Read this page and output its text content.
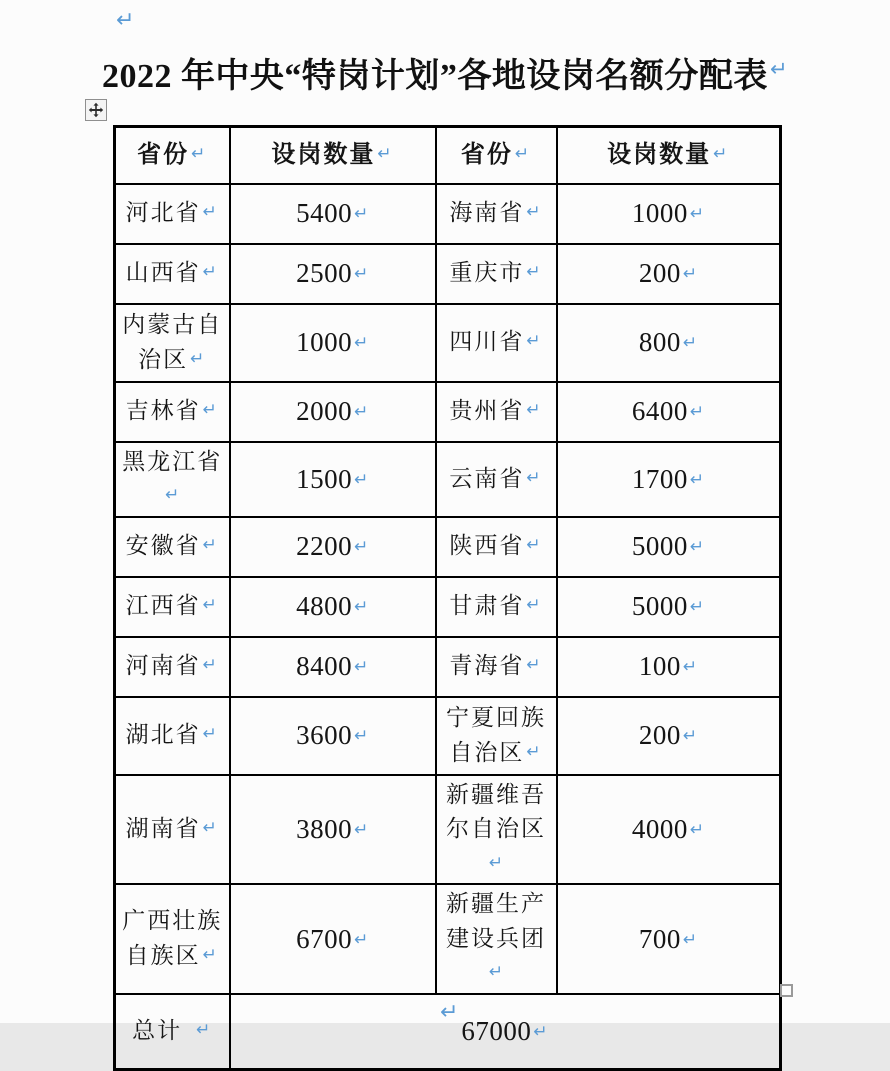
↵
2022 年中央“特岗计划”各地设岗名额分配表↵
省份 ↵	设岗数量 ↵	省份 ↵	设岗数量 ↵
河北省 ↵	5400 ↵	海南省 ↵	1000 ↵
山西省 ↵	2500 ↵	重庆市 ↵	200 ↵
内蒙古自治区 ↵	1000 ↵	四川省 ↵	800 ↵
吉林省 ↵	2000 ↵	贵州省 ↵	6400 ↵
黑龙江省↵	1500 ↵	云南省 ↵	1700 ↵
安徽省 ↵	2200 ↵	陕西省 ↵	5000 ↵
江西省 ↵	4800 ↵	甘肃省 ↵	5000 ↵
河南省 ↵	8400 ↵	青海省 ↵	100 ↵
湖北省 ↵	3600 ↵	宁夏回族自治区 ↵	200 ↵
湖南省 ↵	3800 ↵	新疆维吾尔自治区↵	4000 ↵
广西壮族自族区 ↵	6700 ↵	新疆生产建设兵团↵	700 ↵
总计 ↵	67000 ↵		
↵
